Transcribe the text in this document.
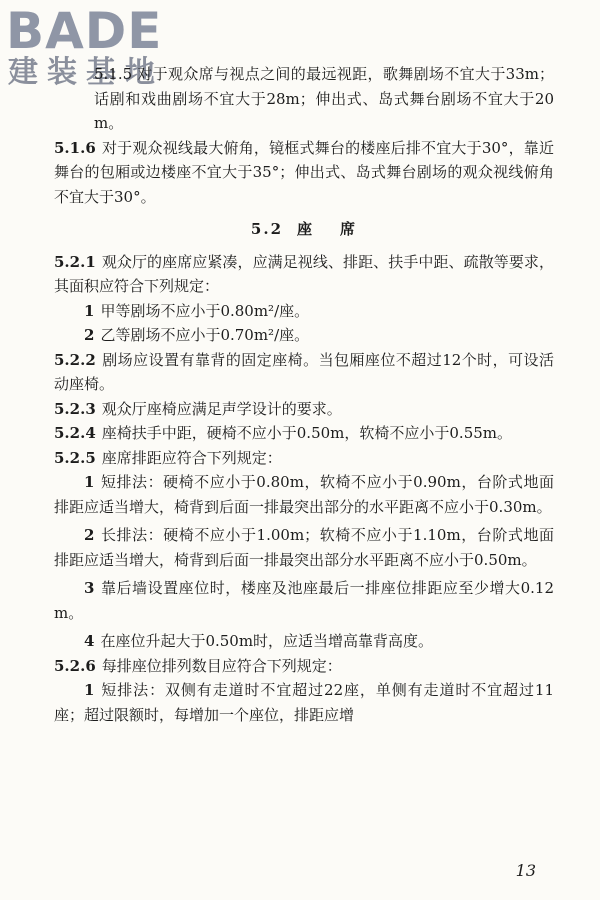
BADE
建装基地

5.1.5 对于观众席与视点之间的最远视距，歌舞剧场不宜大于33m；话剧和戏曲剧场不宜大于28m；伸出式、岛式舞台剧场不宜大于20m。

5.1.6 对于观众视线最大俯角，镜框式舞台的楼座后排不宜大于30°，靠近舞台的包厢或边楼座不宜大于35°；伸出式、岛式舞台剧场的观众视线俯角不宜大于30°。

5.2 座 席

5.2.1 观众厅的座席应紧凑，应满足视线、排距、扶手中距、疏散等要求，其面积应符合下列规定：

1 甲等剧场不应小于0.80m²/座。

2 乙等剧场不应小于0.70m²/座。

5.2.2 剧场应设置有靠背的固定座椅。当包厢座位不超过12个时，可设活动座椅。

5.2.3 观众厅座椅应满足声学设计的要求。

5.2.4 座椅扶手中距，硬椅不应小于0.50m，软椅不应小于0.55m。

5.2.5 座席排距应符合下列规定：

1 短排法：硬椅不应小于0.80m，软椅不应小于0.90m，台阶式地面排距应适当增大，椅背到后面一排最突出部分的水平距离不应小于0.30m。

2 长排法：硬椅不应小于1.00m；软椅不应小于1.10m，台阶式地面排距应适当增大，椅背到后面一排最突出部分水平距离不应小于0.50m。

3 靠后墙设置座位时，楼座及池座最后一排座位排距应至少增大0.12m。

4 在座位升起大于0.50m时，应适当增高靠背高度。

5.2.6 每排座位排列数目应符合下列规定：

1 短排法：双侧有走道时不宜超过22座，单侧有走道时不宜超过11座；超过限额时，每增加一个座位，排距应增

13
